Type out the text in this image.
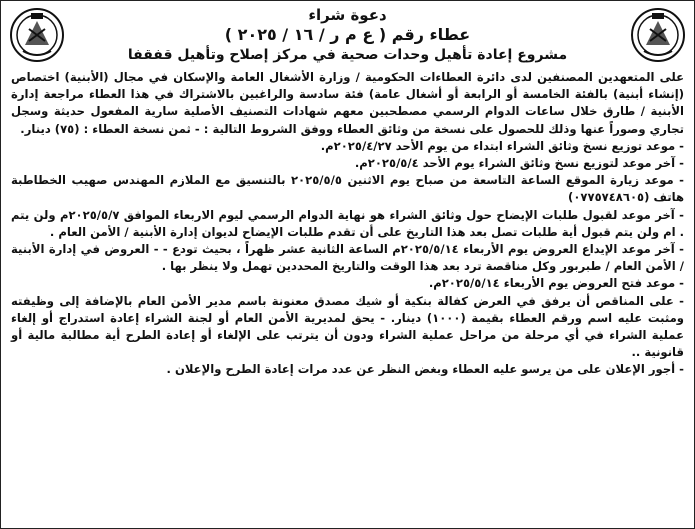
دعوة شراء

عطاء رقم ( ع م ر / ١٦ / ٢٠٢٥ )

مشروع إعادة تأهيل وحدات صحية في مركز إصلاح وتأهيل قفقفا

على المتعهدين المصنفين لدى دائرة العطاءات الحكومية / وزارة الأشغال العامة والإسكان في مجال (الأبنية) اختصاص (إنشاء أبنية) بالفئة الخامسة أو الرابعة أو أشغال عامة) فئة سادسة والراغبين بالاشتراك في هذا العطاء مراجعة إدارة الأبنية / طارق خلال ساعات الدوام الرسمي مصطحبين معهم شهادات التصنيف الأصلية سارية المفعول حديثة وسجل تجاري وصوراً عنها وذلك للحصول على نسخة من وثائق العطاء ووفق الشروط التالية : - ثمن نسخة العطاء : (٧٥) دينار.

- موعد توزيع نسخ وثائق الشراء ابتداء من يوم الأحد ٢٠٢٥/٤/٢٧م.

- آخر موعد لتوزيع نسخ وثائق الشراء يوم الأحد ٢٠٢٥/٥/٤م.

- موعد زيارة الموقع الساعة التاسعة من صباح يوم الاثنين ٢٠٢٥/٥/٥ بالتنسيق مع الملازم المهندس صهيب الخطاطبة هاتف (٠٧٧٥٧٤٨٦٠٥)

- آخر موعد لقبول طلبات الإيضاح حول وثائق الشراء هو نهاية الدوام الرسمي ليوم الاربعاء الموافق ٢٠٢٥/٥/٧م ولن يتم . ام ولن يتم قبول أية طلبات تصل بعد هذا التاريخ على أن تقدم طلبات الإيضاح لديوان إدارة الأبنية / الأمن العام .

- آخر موعد الإيداع العروض يوم الأربعاء ٢٠٢٥/٥/١٤م الساعة الثانية عشر ظهراً ، بحيث تودع - - العروض في إدارة الأبنية / الأمن العام / طبربور وكل مناقصة ترد بعد هذا الوقت والتاريخ المحددين تهمل ولا ينظر بها .

- موعد فتح العروض يوم الأربعاء ٢٠٢٥/٥/١٤م.

- على المناقص أن يرفق في العرض كفالة بنكية أو شيك مصدق معنونة باسم مدير الأمن العام بالإضافة إلى وظيفته ومثبت عليه اسم ورقم العطاء بقيمة (١٠٠٠) دينار. - يحق لمديرية الأمن العام أو لجنة الشراء إعادة استدراج أو إلغاء عملية الشراء في أي مرحلة من مراحل عملية الشراء ودون أن يترتب على الإلغاء أو إعادة الطرح أية مطالبة مالية أو قانونية ..

- أجور الإعلان على من يرسو عليه العطاء وبغض النظر عن عدد مرات إعادة الطرح والإعلان .
